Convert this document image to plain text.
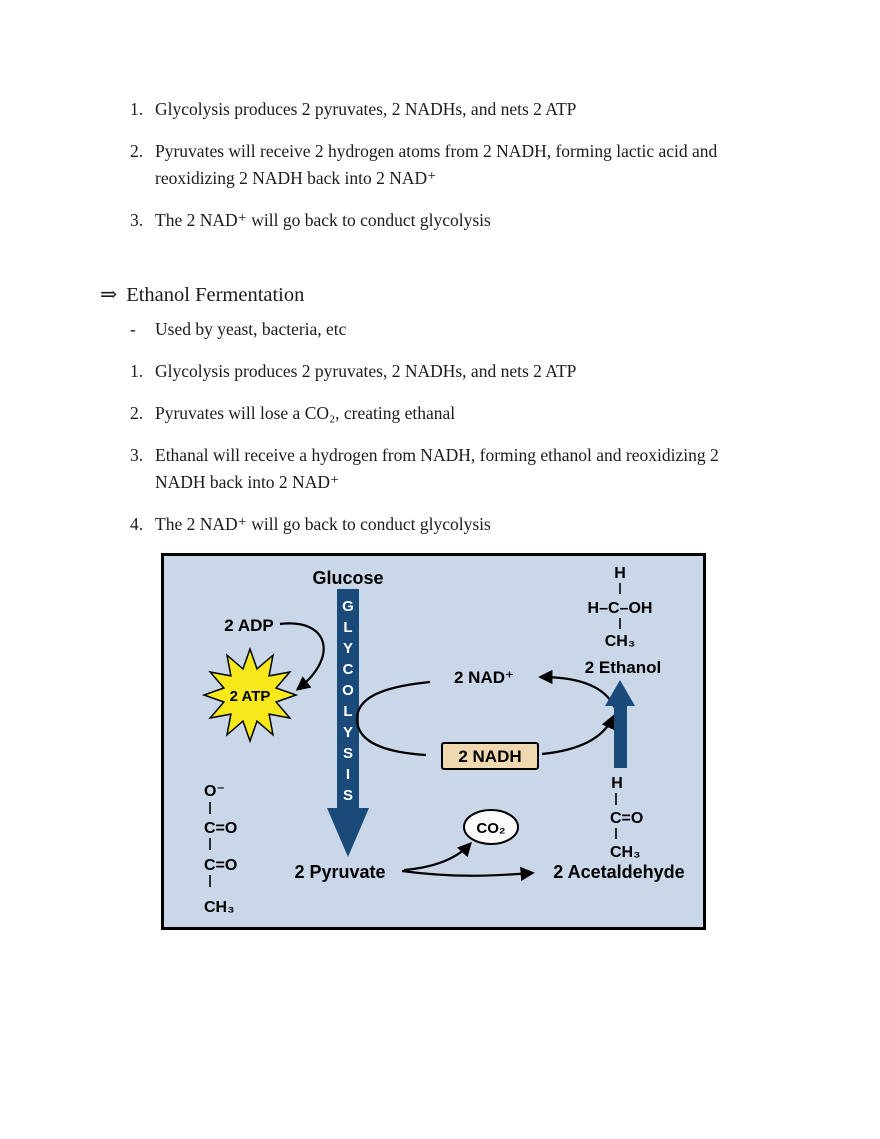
1. Glycolysis produces 2 pyruvates, 2 NADHs, and nets 2 ATP
2. Pyruvates will receive 2 hydrogen atoms from 2 NADH, forming lactic acid and reoxidizing 2 NADH back into 2 NAD⁺
3. The 2 NAD⁺ will go back to conduct glycolysis
⇒ Ethanol Fermentation
-	Used by yeast, bacteria, etc
1. Glycolysis produces 2 pyruvates, 2 NADHs, and nets 2 ATP
2. Pyruvates will lose a CO₂, creating ethanal
3. Ethanal will receive a hydrogen from NADH, forming ethanol and reoxidizing 2 NADH back into 2 NAD⁺
4. The 2 NAD⁺ will go back to conduct glycolysis
Glucose
G
L
Y
C
O
L
Y
S
I
S
2 ADP
2 ATP
2 NAD⁺
2 NADH
CO₂
2 Pyruvate
H
H–C–OH
CH₃
2 Ethanol
H
C=O
CH₃
2 Acetaldehyde
O⁻
C=O
C=O
CH₃
